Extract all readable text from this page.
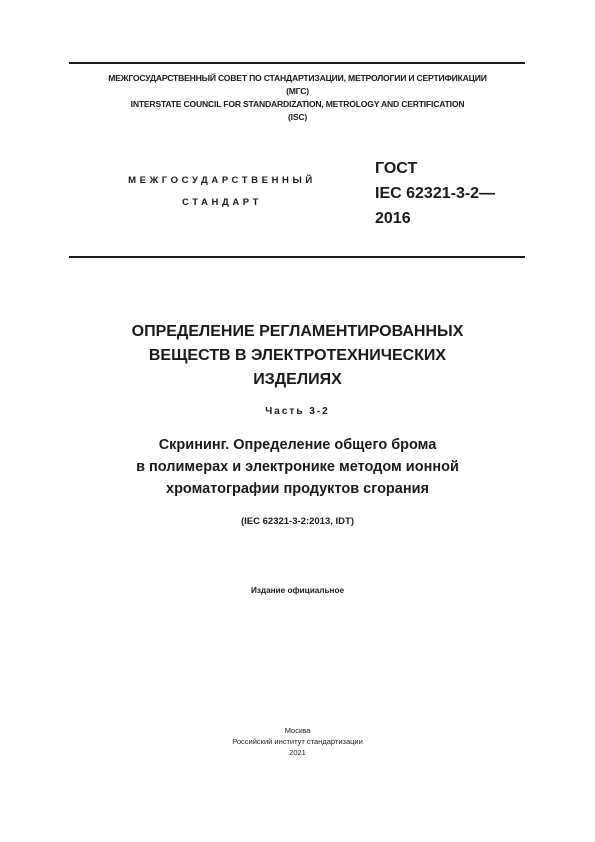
МЕЖГОСУДАРСТВЕННЫЙ СОВЕТ ПО СТАНДАРТИЗАЦИИ, МЕТРОЛОГИИ И СЕРТИФИКАЦИИ
(МГС)
INTERSTATE COUNCIL FOR STANDARDIZATION, METROLOGY AND CERTIFICATION
(ISC)
МЕЖГОСУДАРСТВЕННЫЙ
СТАНДАРТ
ГОСТ
IEC 62321-3-2—
2016
ОПРЕДЕЛЕНИЕ РЕГЛАМЕНТИРОВАННЫХ
ВЕЩЕСТВ В ЭЛЕКТРОТЕХНИЧЕСКИХ
ИЗДЕЛИЯХ
Часть 3-2
Скрининг. Определение общего брома
в полимерах и электронике методом ионной
хроматографии продуктов сгорания
(IEC 62321-3-2:2013, IDT)
Издание официальное
Москва
Российский институт стандартизации
2021
